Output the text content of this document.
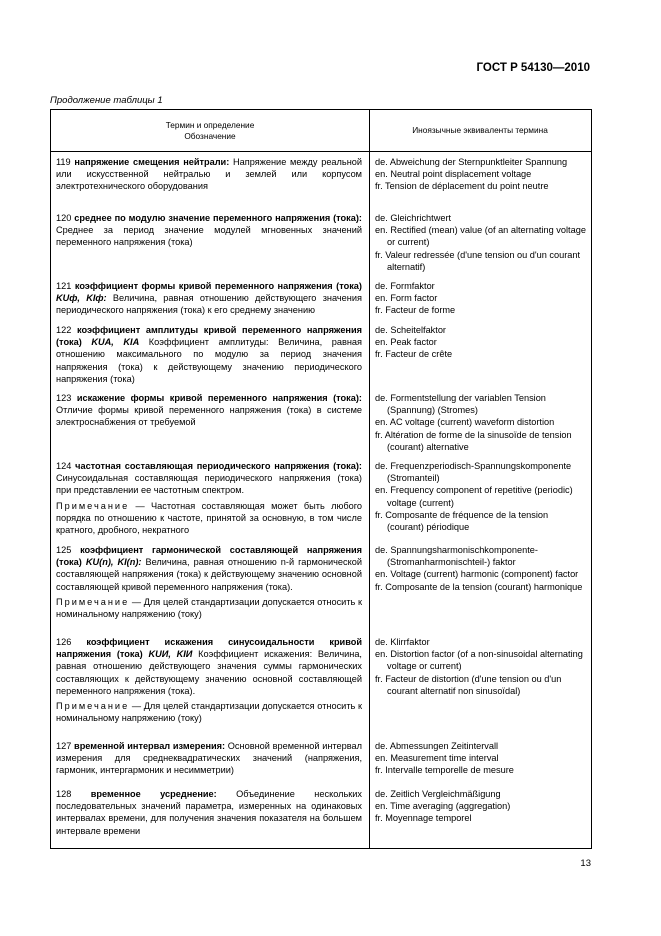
ГОСТ Р 54130—2010
Продолжение таблицы 1
Термин и определение
Обозначение
Иноязычные эквиваленты термина

119 напряжение смещения нейтрали: Напряжение между реальной или искусственной нейтралью и землей или корпусом электротехнического оборудования

de. Abweichung der Sternpunktleiter Spannung
en. Neutral point displacement voltage
fr. Tension de déplacement du point neutre

120 среднее по модулю значение переменного напряжения (тока): Среднее за период значение модулей мгновенных значений переменного напряжения (тока)

de. Gleichrichtwert
en. Rectified (mean) value (of an alternating voltage or current)
fr. Valeur redressée (d'une tension ou d'un courant alternatif)

121 коэффициент формы кривой переменного напряжения (тока) KUф, KIф: Величина, равная отношению действующего значения периодического напряжения (тока) к его среднему значению

de. Formfaktor
en. Form factor
fr. Facteur de forme

122 коэффициент амплитуды кривой переменного напряжения (тока) KUA, KIA Коэффициент амплитуды: Величина, равная отношению максимального по модулю за период значения напряжения (тока) к действующему значению периодического напряжения (тока)

de. Scheitelfaktor
en. Peak factor
fr. Facteur de crête

123 искажение формы кривой переменного напряжения (тока): Отличие формы кривой переменного напряжения (тока) в системе электроснабжения от требуемой

de. Formentstellung der variablen Tension (Spannung) (Stromes)
en. AC voltage (current) waveform distortion
fr. Altération de forme de la sinusoïde de tension (courant) alternative

124 частотная составляющая периодического напряжения (тока): Синусоидальная составляющая периодического напряжения (тока) при представлении ее частотным спектром.

Примечание — Частотная составляющая может быть любого порядка по отношению к частоте, принятой за основную, в том числе кратного, дробного, некратного

de. Frequenzperiodisch-Spannungskomponente (Stromanteil)
en. Frequency component of repetitive (periodic) voltage (current)
fr. Composante de fréquence de la tension (courant) périodique

125 коэффициент гармонической составляющей напряжения (тока) KU(n), KI(n): Величина, равная отношению n-й гармонической составляющей напряжения (тока) к действующему значению основной составляющей кривой переменного напряжения (тока).

Примечание — Для целей стандартизации допускается относить к номинальному напряжению (току)

de. Spannungsharmonischkomponente-(Stromanharmonischteil-) faktor
en. Voltage (current) harmonic (component) factor
fr. Composante de la tension (courant) harmonique

126 коэффициент искажения синусоидальности кривой напряжения (тока) KUИ, KIИ Коэффициент искажения: Величина, равная отношению действующего значения суммы гармонических составляющих к действующему значению основной составляющей переменного напряжения (тока).

Примечание — Для целей стандартизации допускается относить к номинальному напряжению (току)

de. Klirrfaktor
en. Distortion factor (of a non-sinusoidal alternating voltage or current)
fr. Facteur de distortion (d'une tension ou d'un courant alternatif non sinusoïdal)

127 временной интервал измерения: Основной временной интервал измерения для среднеквадратических значений (напряжения, гармоник, интергармоник и несимметрии)

de. Abmessungen Zeitintervall
en. Measurement time interval
fr. Intervalle temporelle de mesure

128 временное усреднение: Объединение нескольких последовательных значений параметра, измеренных на одинаковых интервалах времени, для получения значения показателя на большем интервале времени

de. Zeitlich Vergleichmäßigung
en. Time averaging (aggregation)
fr. Moyennage temporel
13
